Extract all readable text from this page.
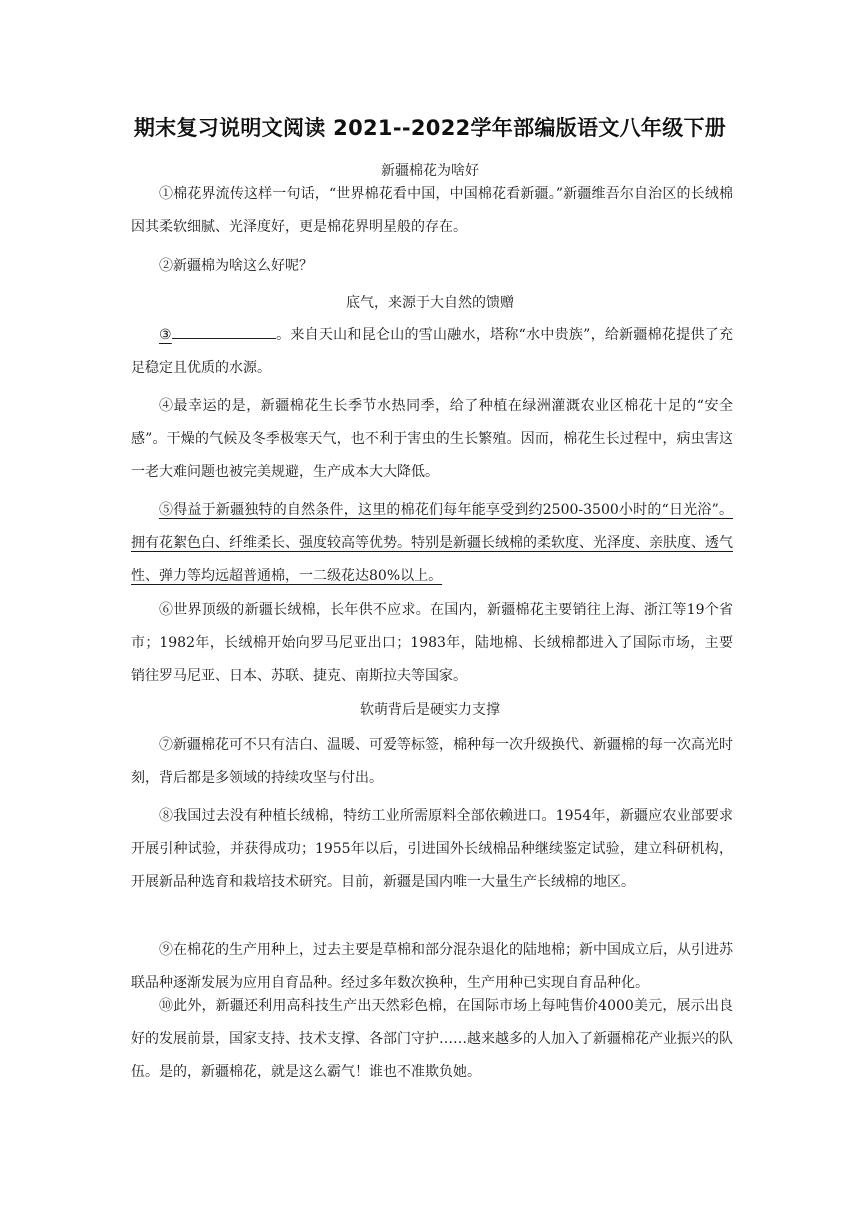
期末复习说明文阅读 2021--2022学年部编版语文八年级下册
新疆棉花为啥好
①棉花界流传这样一句话，“世界棉花看中国，中国棉花看新疆。”新疆维吾尔自治区的长绒棉因其柔软细腻、光泽度好，更是棉花界明星般的存在。
②新疆棉为啥这么好呢？
底气，来源于大自然的馈赠
③	。来自天山和昆仑山的雪山融水，塔称“水中贵族”，给新疆棉花提供了充足稳定且优质的水源。
④最幸运的是，新疆棉花生长季节水热同季，给了种植在绿洲灌溉农业区棉花十足的“安全感”。干燥的气候及冬季极寒天气，也不利于害虫的生长繁殖。因而，棉花生长过程中，病虫害这一老大难问题也被完美规避，生产成本大大降低。
⑤得益于新疆独特的自然条件，这里的棉花们每年能享受到约2500-3500小时的“日光浴”。拥有花絮色白、纤维柔长、强度较高等优势。特别是新疆长绒棉的柔软度、光泽度、亲肤度、透气性、弹力等均远超普通棉，一二级花达80%以上。
⑥世界顶级的新疆长绒棉，长年供不应求。在国内，新疆棉花主要销往上海、浙江等19个省市；1982年，长绒棉开始向罗马尼亚出口；1983年，陆地棉、长绒棉都进入了国际市场，主要销往罗马尼亚、日本、苏联、捷克、南斯拉夫等国家。
软萌背后是硬实力支撑
⑦新疆棉花可不只有洁白、温暖、可爱等标签，棉种每一次升级换代、新疆棉的每一次高光时刻，背后都是多领域的持续攻坚与付出。
⑧我国过去没有种植长绒棉，特纺工业所需原料全部依赖进口。1954年，新疆应农业部要求开展引种试验，并获得成功；1955年以后，引进国外长绒棉品种继续鉴定试验，建立科研机构，开展新品种选育和栽培技术研究。目前，新疆是国内唯一大量生产长绒棉的地区。
⑨在棉花的生产用种上，过去主要是草棉和部分混杂退化的陆地棉；新中国成立后，从引进苏联品种逐渐发展为应用自育品种。经过多年数次换种，生产用种已实现自育品种化。
⑩此外，新疆还利用高科技生产出天然彩色棉，在国际市场上每吨售价4000美元，展示出良好的发展前景，国家支持、技术支撑、各部门守护……越来越多的人加入了新疆棉花产业振兴的队伍。是的，新疆棉花，就是这么霸气！谁也不准欺负她。
